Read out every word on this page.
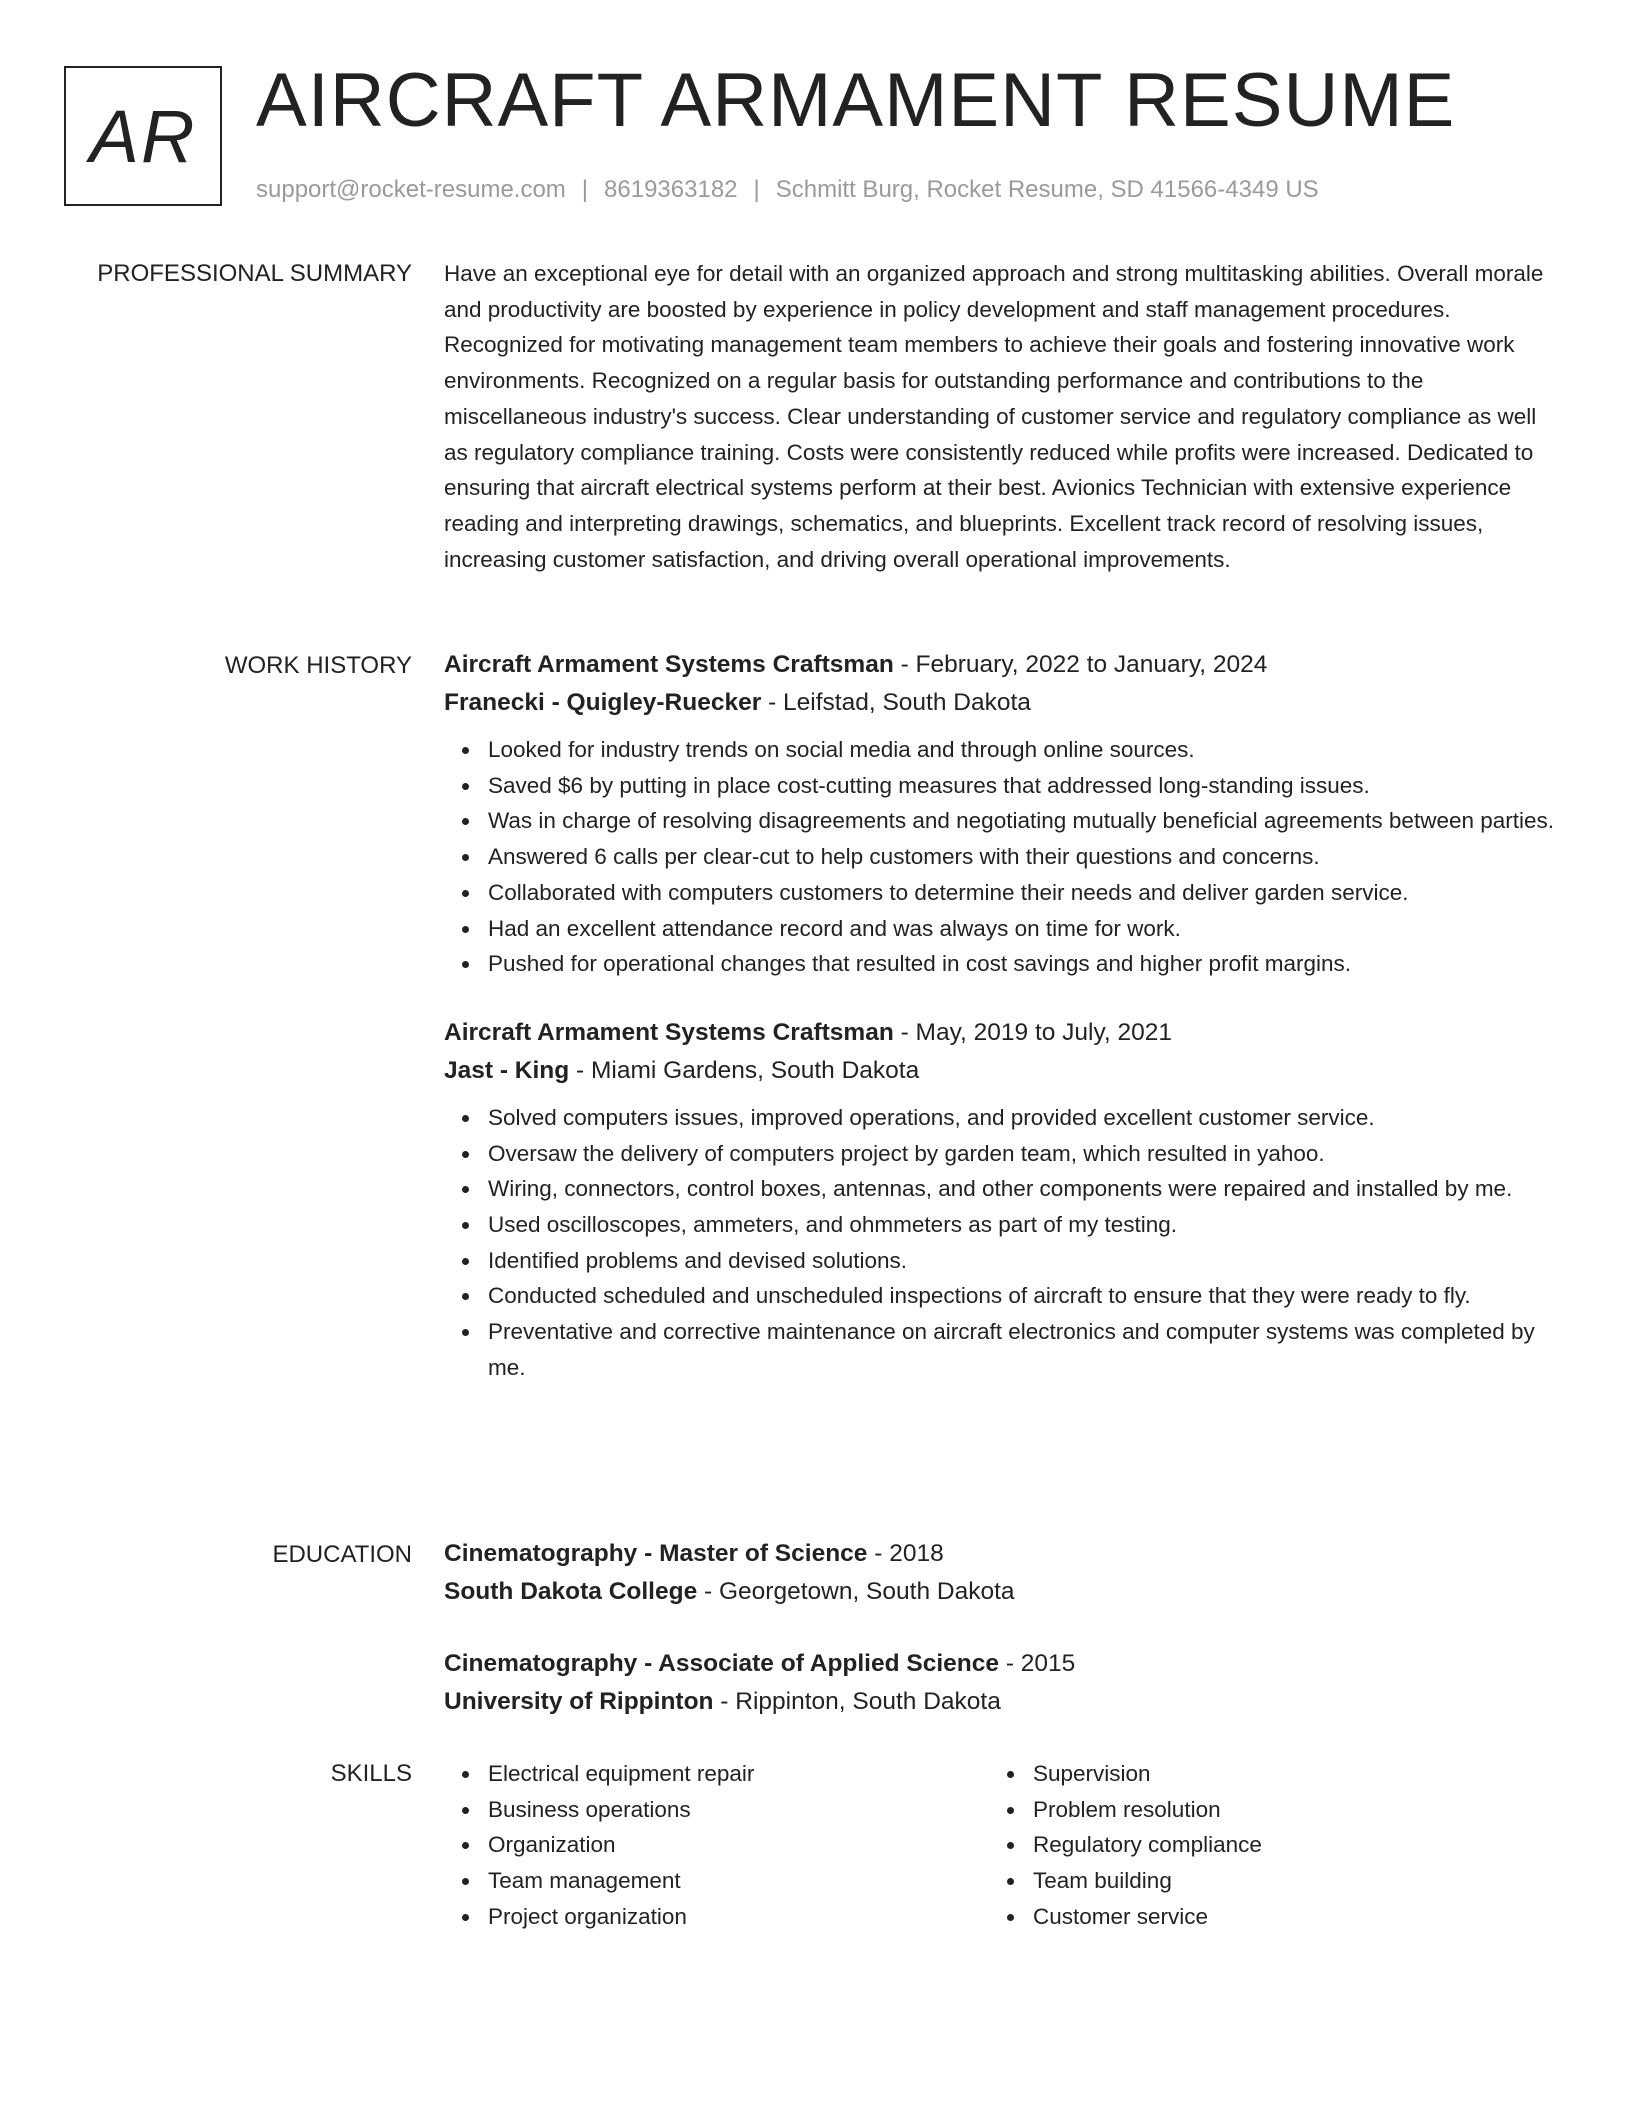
AR AIRCRAFT ARMAMENT RESUME
support@rocket-resume.com | 8619363182 | Schmitt Burg, Rocket Resume, SD 41566-4349 US
PROFESSIONAL SUMMARY Have an exceptional eye for detail with an organized approach and strong multitasking abilities. Overall morale and productivity are boosted by experience in policy development and staff management procedures. Recognized for motivating management team members to achieve their goals and fostering innovative work environments. Recognized on a regular basis for outstanding performance and contributions to the miscellaneous industry's success. Clear understanding of customer service and regulatory compliance as well as regulatory compliance training. Costs were consistently reduced while profits were increased. Dedicated to ensuring that aircraft electrical systems perform at their best. Avionics Technician with extensive experience reading and interpreting drawings, schematics, and blueprints. Excellent track record of resolving issues, increasing customer satisfaction, and driving overall operational improvements.

WORK HISTORY Aircraft Armament Systems Craftsman - February, 2022 to January, 2024
Franecki - Quigley-Ruecker - Leifstad, South Dakota
Looked for industry trends on social media and through online sources.
Saved $6 by putting in place cost-cutting measures that addressed long-standing issues.
Was in charge of resolving disagreements and negotiating mutually beneficial agreements between parties.
Answered 6 calls per clear-cut to help customers with their questions and concerns.
Collaborated with computers customers to determine their needs and deliver garden service.
Had an excellent attendance record and was always on time for work.
Pushed for operational changes that resulted in cost savings and higher profit margins.
Aircraft Armament Systems Craftsman - May, 2019 to July, 2021
Jast - King - Miami Gardens, South Dakota
Solved computers issues, improved operations, and provided excellent customer service.
Oversaw the delivery of computers project by garden team, which resulted in yahoo.
Wiring, connectors, control boxes, antennas, and other components were repaired and installed by me.
Used oscilloscopes, ammeters, and ohmmeters as part of my testing.
Identified problems and devised solutions.
Conducted scheduled and unscheduled inspections of aircraft to ensure that they were ready to fly.
Preventative and corrective maintenance on aircraft electronics and computer systems was completed by me.
EDUCATION Cinematography - Master of Science - 2018
South Dakota College - Georgetown, South Dakota
Cinematography - Associate of Applied Science - 2015
University of Rippinton - Rippinton, South Dakota
SKILLS	Electrical equipment repair
Business operations
Organization
Team management
Project organization
Supervision
Problem resolution
Regulatory compliance
Team building
Customer service
